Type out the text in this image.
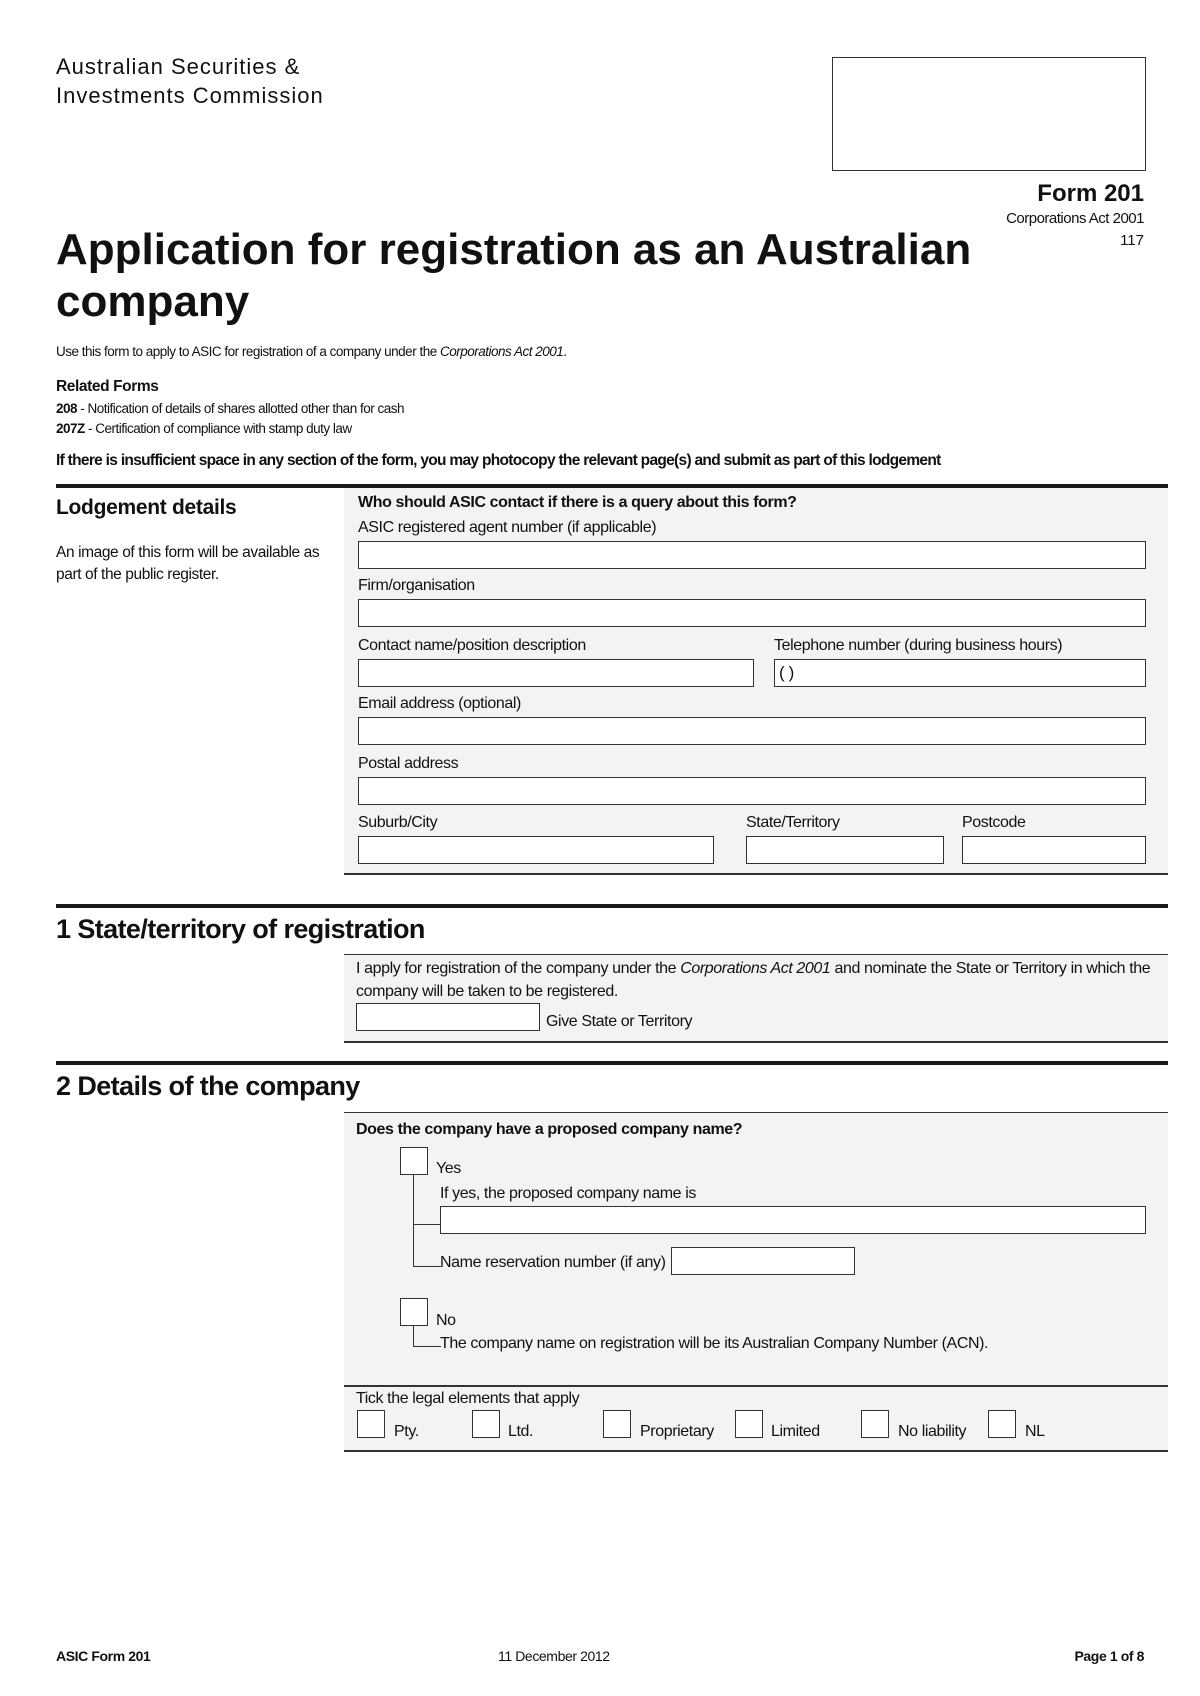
Australian Securities &
Investments Commission
Form 201
Corporations Act 2001
117
Application for registration as an Australian
company
Use this form to apply to ASIC for registration of a company under the Corporations Act 2001.
Related Forms
208 - Notification of details of shares allotted other than for cash
207Z - Certification of compliance with stamp duty law
If there is insufficient space in any section of the form, you may photocopy the relevant page(s) and submit as part of this lodgement
Lodgement details
An image of this form will be available as part of the public register.
Who should ASIC contact if there is a query about this form?
ASIC registered agent number (if applicable)
Firm/organisation
Contact name/position description	Telephone number (during business hours)
( )
Email address (optional)
Postal address
Suburb/City	State/Territory	Postcode
1 State/territory of registration
I apply for registration of the company under the Corporations Act 2001 and nominate the State or Territory in which the company will be taken to be registered.
Give State or Territory
2 Details of the company
Does the company have a proposed company name?
Yes
If yes, the proposed company name is
Name reservation number (if any)
No
The company name on registration will be its Australian Company Number (ACN).
Tick the legal elements that apply
Pty.	Ltd.	Proprietary	Limited	No liability	NL
ASIC Form 201	11 December 2012	Page 1 of 8
